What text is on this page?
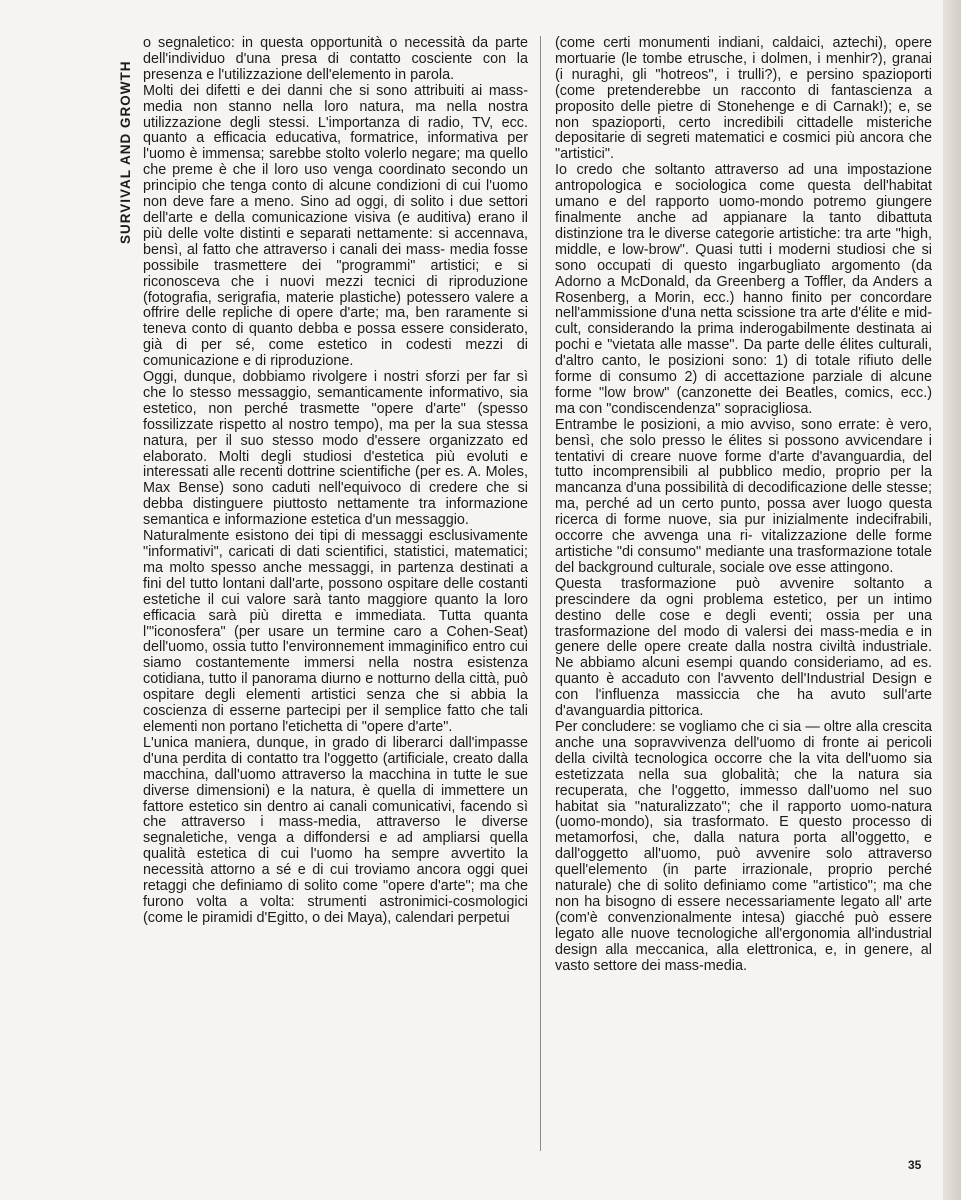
SURVIVAL AND GROWTH

o segnaletico: in questa opportunità o necessità da parte dell'individuo d'una presa di contatto cosciente con la presenza e l'utilizzazione dell'elemento in parola.

Molti dei difetti e dei danni che si sono attribuiti ai mass-media non stanno nella loro natura, ma nella nostra utilizzazione degli stessi. L'importanza di radio, TV, ecc. quanto a efficacia educativa, formatrice, informativa per l'uomo è immensa; sarebbe stolto volerlo negare; ma quello che preme è che il loro uso venga coordinato secondo un principio che tenga conto di alcune condizioni di cui l'uomo non deve fare a meno. Sino ad oggi, di solito i due settori dell'arte e della comunicazione visiva (e auditiva) erano il più delle volte distinti e separati nettamente: si accennava, bensì, al fatto che attraverso i canali dei mass- media fosse possibile trasmettere dei "programmi" artistici; e si riconosceva che i nuovi mezzi tecnici di riproduzione (fotografia, serigrafia, materie plastiche) potessero valere a offrire delle repliche di opere d'arte; ma, ben raramente si teneva conto di quanto debba e possa essere considerato, già di per sé, come estetico in codesti mezzi di comunicazione e di riproduzione.

Oggi, dunque, dobbiamo rivolgere i nostri sforzi per far sì che lo stesso messaggio, semanticamente informativo, sia estetico, non perché trasmette "opere d'arte" (spesso fossilizzate rispetto al nostro tempo), ma per la sua stessa natura, per il suo stesso modo d'essere organizzato ed elaborato. Molti degli studiosi d'estetica più evoluti e interessati alle recenti dottrine scientifiche (per es. A. Moles, Max Bense) sono caduti nell'equivoco di credere che si debba distinguere piuttosto nettamente tra informazione semantica e informazione estetica d'un messaggio.

Naturalmente esistono dei tipi di messaggi esclusivamente "informativi", caricati di dati scientifici, statistici, matematici; ma molto spesso anche messaggi, in partenza destinati a fini del tutto lontani dall'arte, possono ospitare delle costanti estetiche il cui valore sarà tanto maggiore quanto la loro efficacia sarà più diretta e immediata. Tutta quanta l'"iconosfera" (per usare un termine caro a Cohen-Seat) dell'uomo, ossia tutto l'environnement immaginifico entro cui siamo costantemente immersi nella nostra esistenza cotidiana, tutto il panorama diurno e notturno della città, può ospitare degli elementi artistici senza che si abbia la coscienza di esserne partecipi per il semplice fatto che tali elementi non portano l'etichetta di "opere d'arte".

L'unica maniera, dunque, in grado di liberarci dall'impasse d'una perdita di contatto tra l'oggetto (artificiale, creato dalla macchina, dall'uomo attraverso la macchina in tutte le sue diverse dimensioni) e la natura, è quella di immettere un fattore estetico sin dentro ai canali comunicativi, facendo sì che attraverso i mass-media, attraverso le diverse segnaletiche, venga a diffondersi e ad ampliarsi quella qualità estetica di cui l'uomo ha sempre avvertito la necessità attorno a sé e di cui troviamo ancora oggi quei retaggi che definiamo di solito come "opere d'arte"; ma che furono volta a volta: strumenti astronimici-cosmologici (come le piramidi d'Egitto, o dei Maya), calendari perpetui

(come certi monumenti indiani, caldaici, aztechi), opere mortuarie (le tombe etrusche, i dolmen, i menhir?), granai (i nuraghi, gli "hotreos", i trulli?), e persino spazioporti (come pretenderebbe un racconto di fantascienza a proposito delle pietre di Stonehenge e di Carnak!); e, se non spazioporti, certo incredibili cittadelle misteriche depositarie di segreti matematici e cosmici più ancora che "artistici".

Io credo che soltanto attraverso ad una impostazione antropologica e sociologica come questa dell'habitat umano e del rapporto uomo-mondo potremo giungere finalmente anche ad appianare la tanto dibattuta distinzione tra le diverse categorie artistiche: tra arte "high, middle, e low-brow". Quasi tutti i moderni studiosi che si sono occupati di questo ingarbugliato argomento (da Adorno a McDonald, da Greenberg a Toffler, da Anders a Rosenberg, a Morin, ecc.) hanno finito per concordare nell'ammissione d'una netta scissione tra arte d'élite e mid-cult, considerando la prima inderogabilmente destinata ai pochi e "vietata alle masse". Da parte delle élites culturali, d'altro canto, le posizioni sono: 1) di totale rifiuto delle forme di consumo 2) di accettazione parziale di alcune forme "low brow" (canzonette dei Beatles, comics, ecc.) ma con "condiscendenza" sopracigliosa.

Entrambe le posizioni, a mio avviso, sono errate: è vero, bensì, che solo presso le élites si possono avvicendare i tentativi di creare nuove forme d'arte d'avanguardia, del tutto incomprensibili al pubblico medio, proprio per la mancanza d'una possibilità di decodificazione delle stesse; ma, perché ad un certo punto, possa aver luogo questa ricerca di forme nuove, sia pur inizialmente indecifrabili, occorre che avvenga una ri- vitalizzazione delle forme artistiche "di consumo" mediante una trasformazione totale del background culturale, sociale ove esse attingono.

Questa trasformazione può avvenire soltanto a prescindere da ogni problema estetico, per un intimo destino delle cose e degli eventi; ossia per una trasformazione del modo di valersi dei mass-media e in genere delle opere create dalla nostra civiltà industriale. Ne abbiamo alcuni esempi quando consideriamo, ad es. quanto è accaduto con l'avvento dell'Industrial Design e con l'influenza massiccia che ha avuto sull'arte d'avanguardia pittorica.

Per concludere: se vogliamo che ci sia — oltre alla crescita anche una sopravvivenza dell'uomo di fronte ai pericoli della civiltà tecnologica occorre che la vita dell'uomo sia estetizzata nella sua globalità; che la natura sia recuperata, che l'oggetto, immesso dall'uomo nel suo habitat sia "naturalizzato"; che il rapporto uomo-natura (uomo-mondo), sia trasformato. E questo processo di metamorfosi, che, dalla natura porta all'oggetto, e dall'oggetto all'uomo, può avvenire solo attraverso quell'elemento (in parte irrazionale, proprio perché naturale) che di solito definiamo come "artistico"; ma che non ha bisogno di essere necessariamente legato all' arte (com'è convenzionalmente intesa) giacché può essere legato alle nuove tecnologiche all'ergonomia all'industrial design alla meccanica, alla elettronica, e, in genere, al vasto settore dei mass-media.

35
